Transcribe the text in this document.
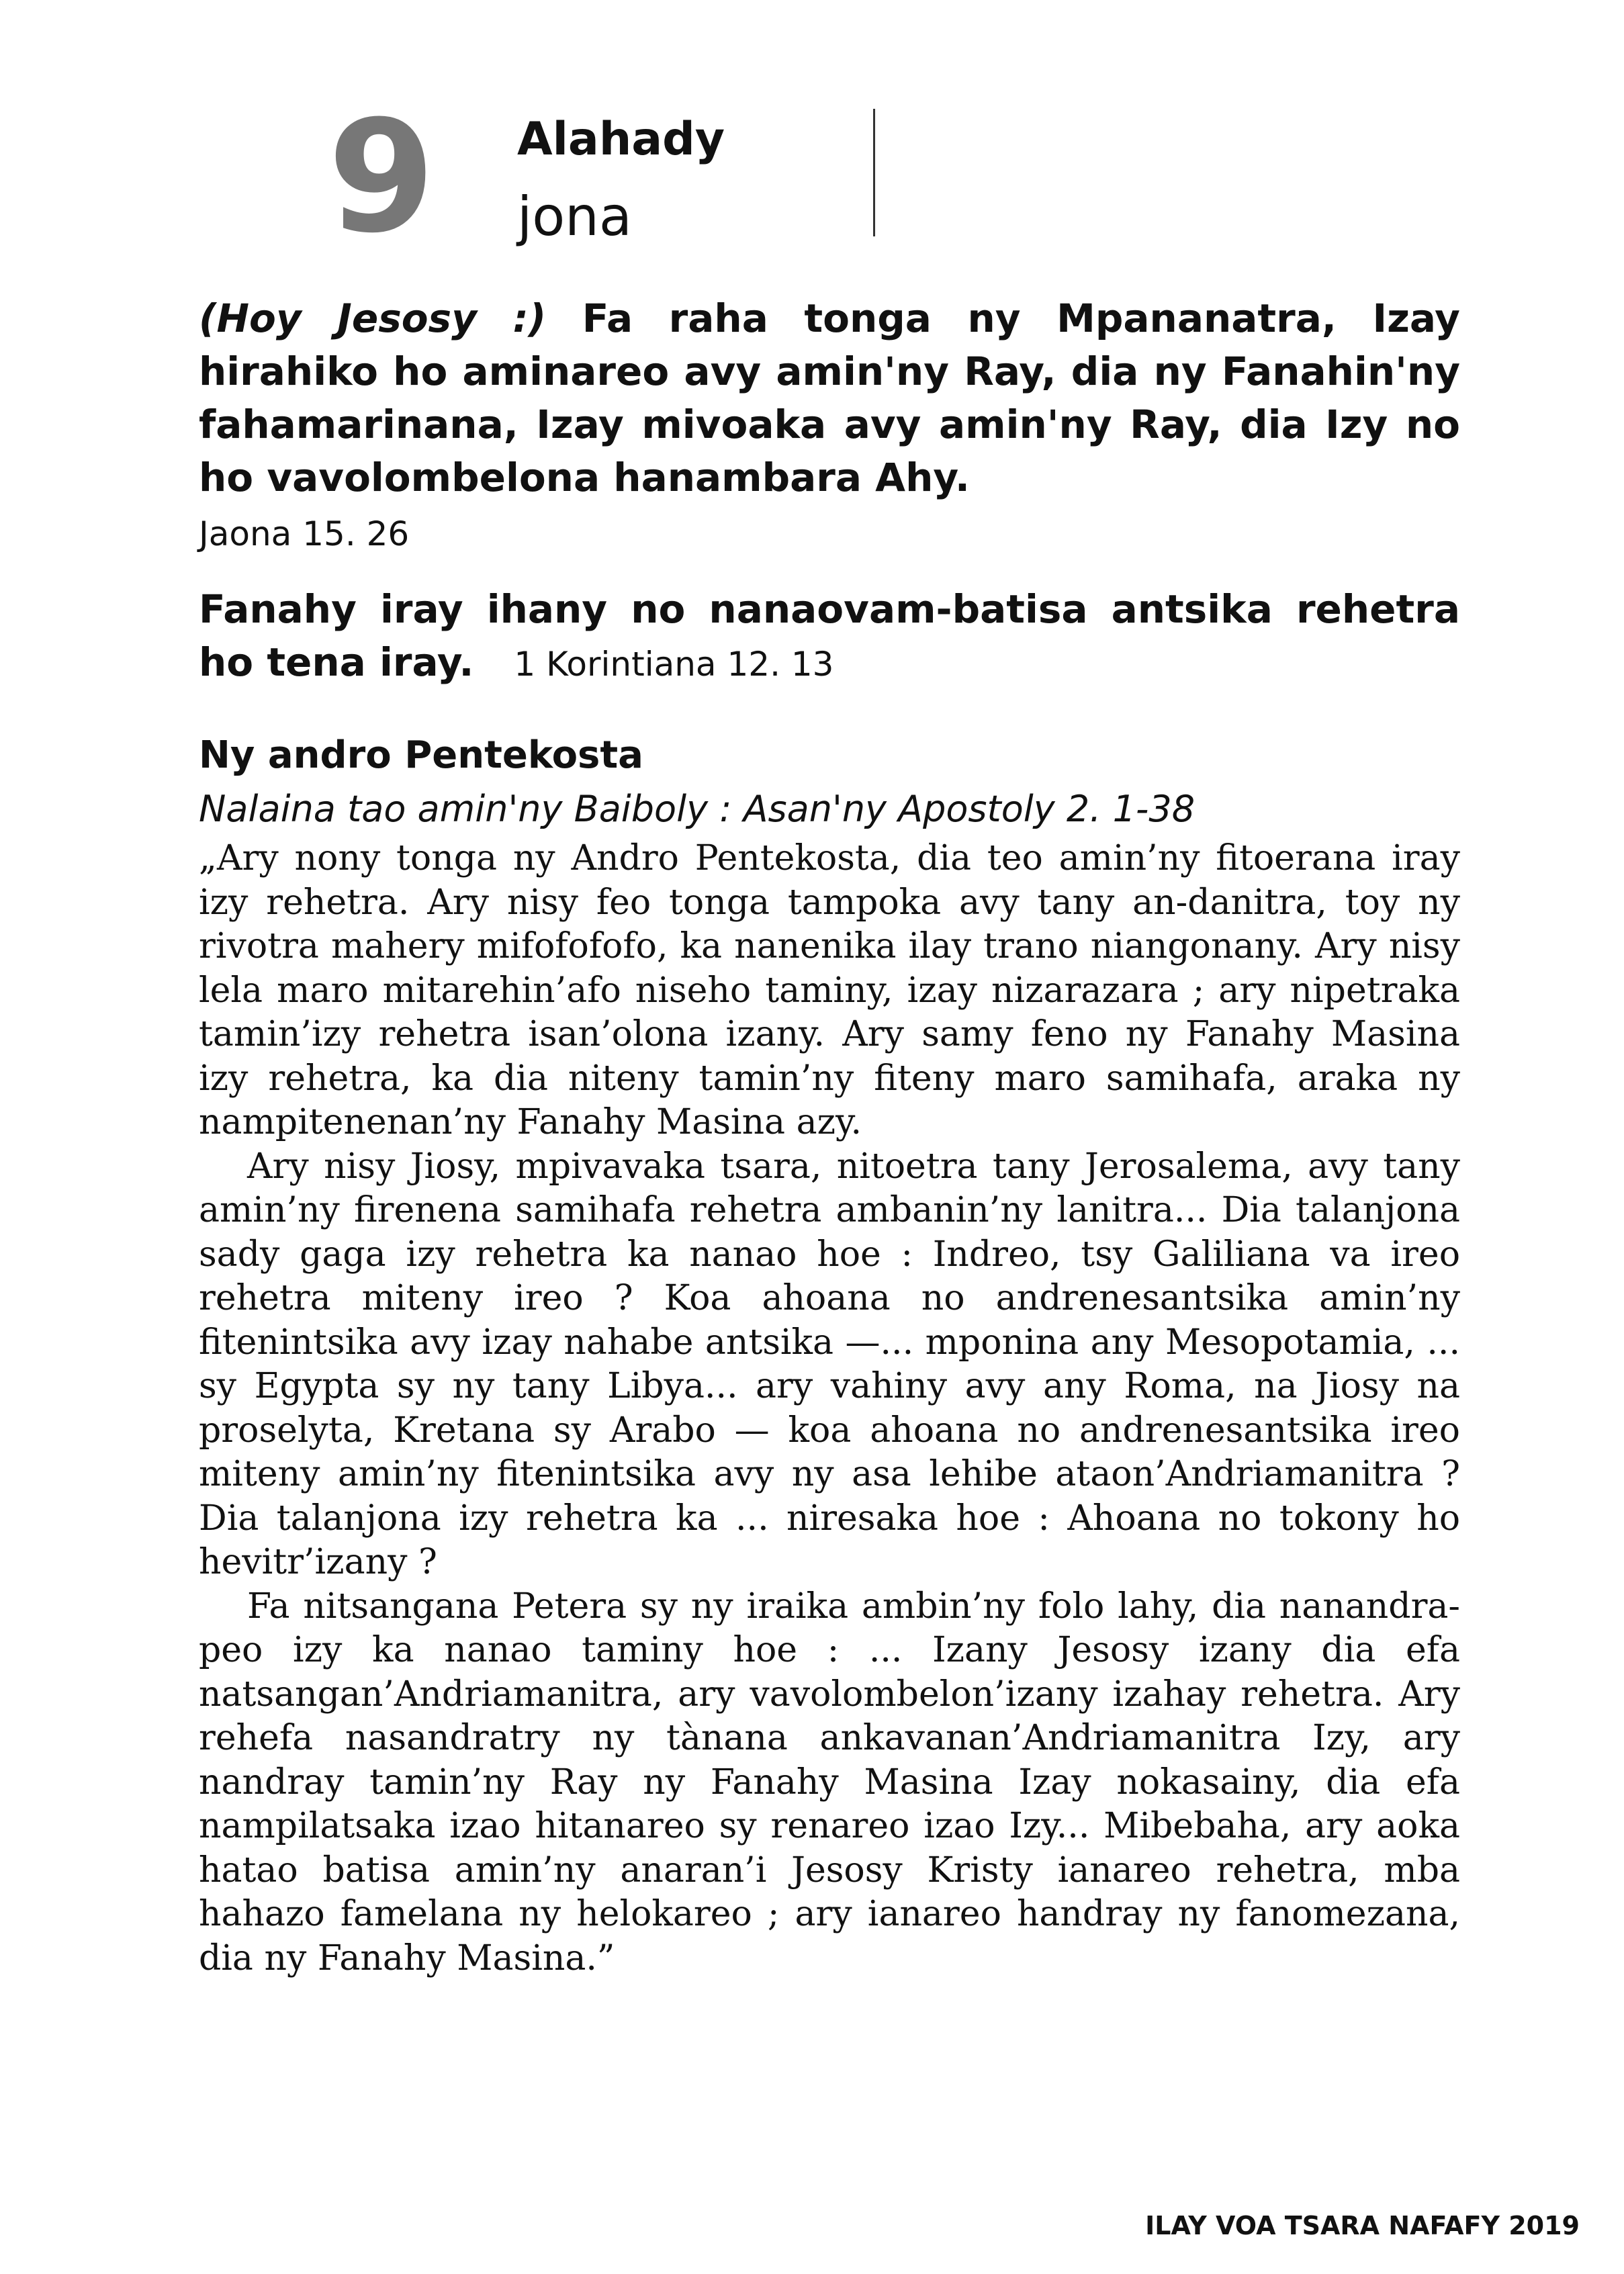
9 Alahady
jona
(Hoy Jesosy :) Fa raha tonga ny Mpananatra, Izay hirahiko ho aminareo avy amin'ny Ray, dia ny Fanahin'ny fahamarinana, Izay mivoaka avy amin'ny Ray, dia Izy no ho vavolombelona hanambara Ahy.
Jaona 15. 26
Fanahy iray ihany no nanaovam-batisa antsika rehetra ho tena iray. 1 Korintiana 12. 13
Ny andro Pentekosta
Nalaina tao amin'ny Baiboly : Asan'ny Apostoly 2. 1-38

„Ary nony tonga ny Andro Pentekosta, dia teo amin’ny fitoerana iray izy rehetra. Ary nisy feo tonga tampoka avy tany an-danitra, toy ny rivotra mahery mifofofofo, ka nanenika ilay trano niangonany. Ary nisy lela maro mitarehin’afo niseho taminy, izay nizarazara ; ary nipetraka tamin’izy rehetra isan’olona izany. Ary samy feno ny Fanahy Masina izy rehetra, ka dia niteny tamin’ny fiteny maro samihafa, araka ny nampitenenan’ny Fanahy Masina azy.

Ary nisy Jiosy, mpivavaka tsara, nitoetra tany Jerosalema, avy tany amin’ny firenena samihafa rehetra ambanin’ny lanitra... Dia talanjona sady gaga izy rehetra ka nanao hoe : Indreo, tsy Galiliana va ireo rehetra miteny ireo ? Koa ahoana no andrenesantsika amin’ny fitenintsika avy izay nahabe antsika —... mponina any Mesopotamia, ... sy Egypta sy ny tany Libya... ary vahiny avy any Roma, na Jiosy na proselyta, Kretana sy Arabo — koa ahoana no andrenesantsika ireo miteny amin’ny fitenintsika avy ny asa lehibe ataon’Andriamanitra ? Dia talanjona izy rehetra ka ... niresaka hoe : Ahoana no tokony ho hevitr’izany ?

Fa nitsangana Petera sy ny iraika ambin’ny folo lahy, dia nanandra-peo izy ka nanao taminy hoe : ... Izany Jesosy izany dia efa natsangan’Andriamanitra, ary vavolombelon’izany izahay rehetra. Ary rehefa nasandratry ny tànana ankavanan’Andriamanitra Izy, ary nandray tamin’ny Ray ny Fanahy Masina Izay nokasainy, dia efa nampilatsaka izao hitanareo sy renareo izao Izy... Mibebaha, ary aoka hatao batisa amin’ny anaran’i Jesosy Kristy ianareo rehetra, mba hahazo famelana ny helokareo ; ary ianareo handray ny fanomezana, dia ny Fanahy Masina.”

ILAY VOA TSARA NAFAFY 2019
